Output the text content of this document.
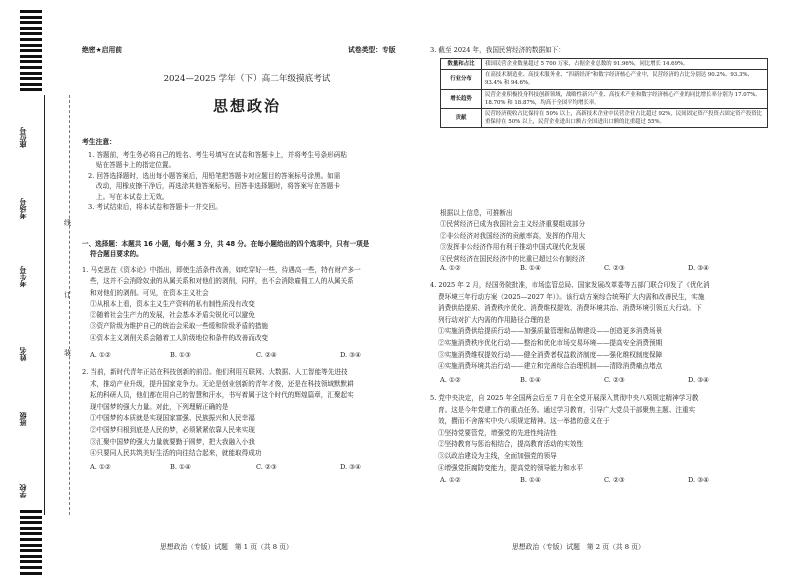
座位号
考场号
考生号
姓名
班级
学校
线
订
装
绝密★启用前	试卷类型：专版
2024—2025 学年（下）高二年级摸底考试
思想政治
考生注意：
1. 答题前，考生务必将自己的姓名、考生号填写在试卷和答题卡上，并将考生号条形码粘
贴在答题卡上的指定位置。
2. 回答选择题时，选出每小题答案后，用铅笔把答题卡对应题目的答案标号涂黑。如需
改动，用橡皮擦干净后，再选涂其他答案标号。回答非选择题时，将答案写在答题卡
上。写在本试卷上无效。
3. 考试结束后，将本试卷和答题卡一并交回。
一、选择题：本题共 16 小题，每小题 3 分，共 48 分。在每小题给出的四个选项中，只有一项是
符合题目要求的。
1. 马克思在《资本论》中指出，即使生活条件改善，如吃穿好一些，待遇高一些，特有财产多一
些，这并不会消除奴隶的从属关系和对他们的剥削，同样，也不会消除雇佣工人的从属关系
和对他们的剥削。可见，在资本主义社会
①从根本上看，资本主义生产资料的私有制性质没有改变
②随着社会生产力的发展，社会基本矛盾尖锐化可以避免
③资产阶级为维护自己的统治会采取一些缓和阶级矛盾的措施
④资本主义剥削关系会随着工人阶级地位和条件的改善而改变
A. ①②	B. ①③	C. ②④	D. ③④
2. 当前，新时代青年正站在科技创新的前沿。他们利用互联网、大数据、人工智能等先进技
术，推动产业升级，提升国家竞争力。无论是创业创新的青年才俊，还是在科技领域默默耕
耘的科研人员，他们都在用自己的智慧和汗水，书写着属于这个时代的辉煌篇章，汇聚起实
现中国梦的强大力量。对此，下列理解正确的是
①中国梦的本质就是实现国家富强、民族振兴和人民幸福
②中国梦归根到底是人民的梦，必须紧紧依靠人民来实现
③汇聚中国梦的强大力量就要勤于圆梦，把大我融入小我
④只要同人民共筑美好生活的向往结合起来，就能取得成功
A. ①②	B. ①④	C. ②③	D. ③④
思想政治（专版）试题　第 1 页（共 8 页）
3. 截至 2024 年，我国民营经济的数据如下：
数量和占比	我国民营企业数量超过 5 700 万家，占据企业总数的 91.96%，同比增长 14.69%。
行业分布	在高技术制造业、高技术服务业、“四新经济”和数字经济核心产业中，民营经济的占比分别达 90.2%、93.3%、93.4% 和 94.6%。
增长趋势	民营企业积极投身科技创新领域，战略性新兴产业、高技术产业和数字经济核心产业的同比增长率分别为 17.07%、18.70% 和 18.87%，均高于全国平均增长率。
贡献	民营经济税收占比保持在 50% 以上，高新技术企业中民营企业占比超过 92%，民间固定资产投资占固定资产投资比重保持在 50% 以上，民营企业进出口额占全国进出口额的比重超过 55%。
根据以上信息，可推断出
①民营经济已成为我国社会主义经济重要组成部分
②非公经济对我国经济的贡献率高，发挥的作用大
③发挥非公经济作用有利于推动中国式现代化发展
④民营经济在国民经济中的比重已超过公有制经济
A. ①②	B. ①④	C. ②③	D. ③④
4. 2025 年 2 月，经国务院批准，市场监管总局、国家发展改革委等五部门联合印发了《优化消
费环境三年行动方案（2025—2027 年）》。该行动方案综合统筹扩大内需和改善民生，实施
消费供给提质、消费秩序优化、消费维权提效、消费环境共治、消费环境引领五大行动。下
列行动对扩大内需的作用路径合理的是
①实施消费供给提质行动——加强质量管理和品牌建设——创造更多消费场景
②实施消费秩序优化行动——整治和优化市场交易环境——提高安全消费预期
③实施消费维权提效行动——健全消费者权益救济制度——强化维权制度保障
④实施消费环境共治行动——建立和完善综合治理机制——清除消费痛点堵点
A. ①②	B. ①④	C. ②③	D. ③④
5. 党中央决定，自 2025 年全国两会后至 7 月在全党开展深入贯彻中央八项规定精神学习教
育。这是今年党建工作的重点任务。通过学习教育，引导广大党员干部聚焦主题、注重实
效，攒而不舍落实中央八项规定精神。这一举措的意义在于
①坚持党要管党，增强党的先进性纯洁性
②坚持教育与惩治相结合，提高教育活动的实效性
③以政治建设为主线，全面加强党的领导
④增强党拒腐防变能力，提高党的领导能力和水平
A. ①②	B. ①④	C. ②③	D. ③④
思想政治（专版）试题　第 2 页（共 8 页）
